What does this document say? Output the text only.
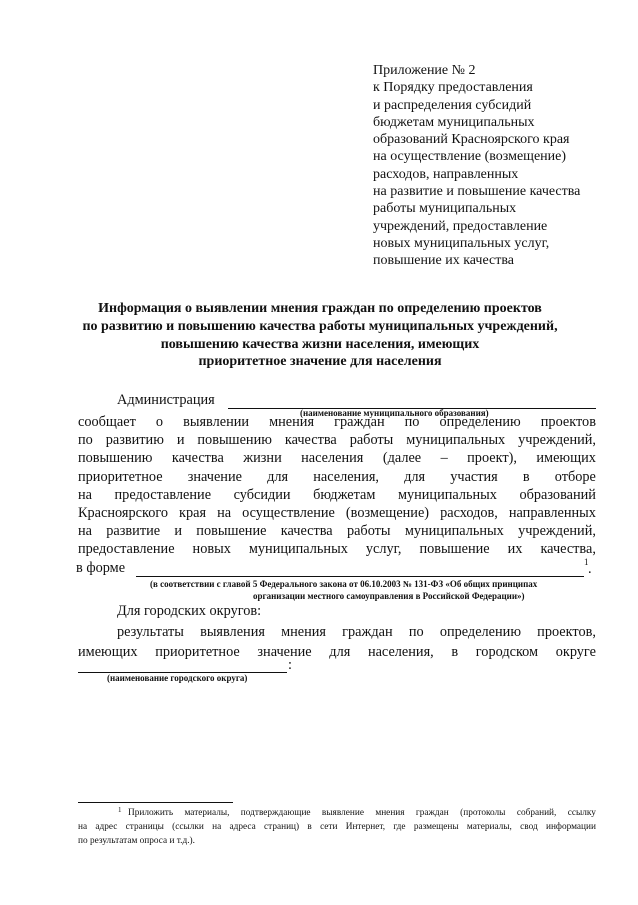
Приложение № 2
к Порядку предоставления
и распределения субсидий
бюджетам муниципальных
образований Красноярского края
на осуществление (возмещение)
расходов, направленных
на развитие и повышение качества
работы муниципальных
учреждений, предоставление
новых муниципальных услуг,
повышение их качества
Информация о выявлении мнения граждан по определению проектов
по развитию и повышению качества работы муниципальных учреждений,
повышению качества жизни населения, имеющих
приоритетное значение для населения
Администрация
(наименование муниципального образования)
сообщает о выявлении мнения граждан по определению проектов
по развитию и повышению качества работы муниципальных учреждений,
повышению качества жизни населения (далее – проект), имеющих
приоритетное значение для населения, для участия в отборе
на предоставление субсидии бюджетам муниципальных образований
Красноярского края на осуществление (возмещение) расходов, направленных
на развитие и повышение качества работы муниципальных учреждений,
предоставление новых муниципальных услуг, повышение их качества,
в форме	1 .
(в соответствии с главой 5 Федерального закона от 06.10.2003 № 131-ФЗ «Об общих принципах
организации местного самоуправления в Российской Федерации»)
Для городских округов:
результаты выявления мнения граждан по определению проектов,
имеющих приоритетное значение для населения, в городском округе
:
(наименование городского округа)
1 Приложить материалы, подтверждающие выявление мнения граждан (протоколы собраний, ссылку
на адрес страницы (ссылки на адреса страниц) в сети Интернет, где размещены материалы, свод информации
по результатам опроса и т.д.).
